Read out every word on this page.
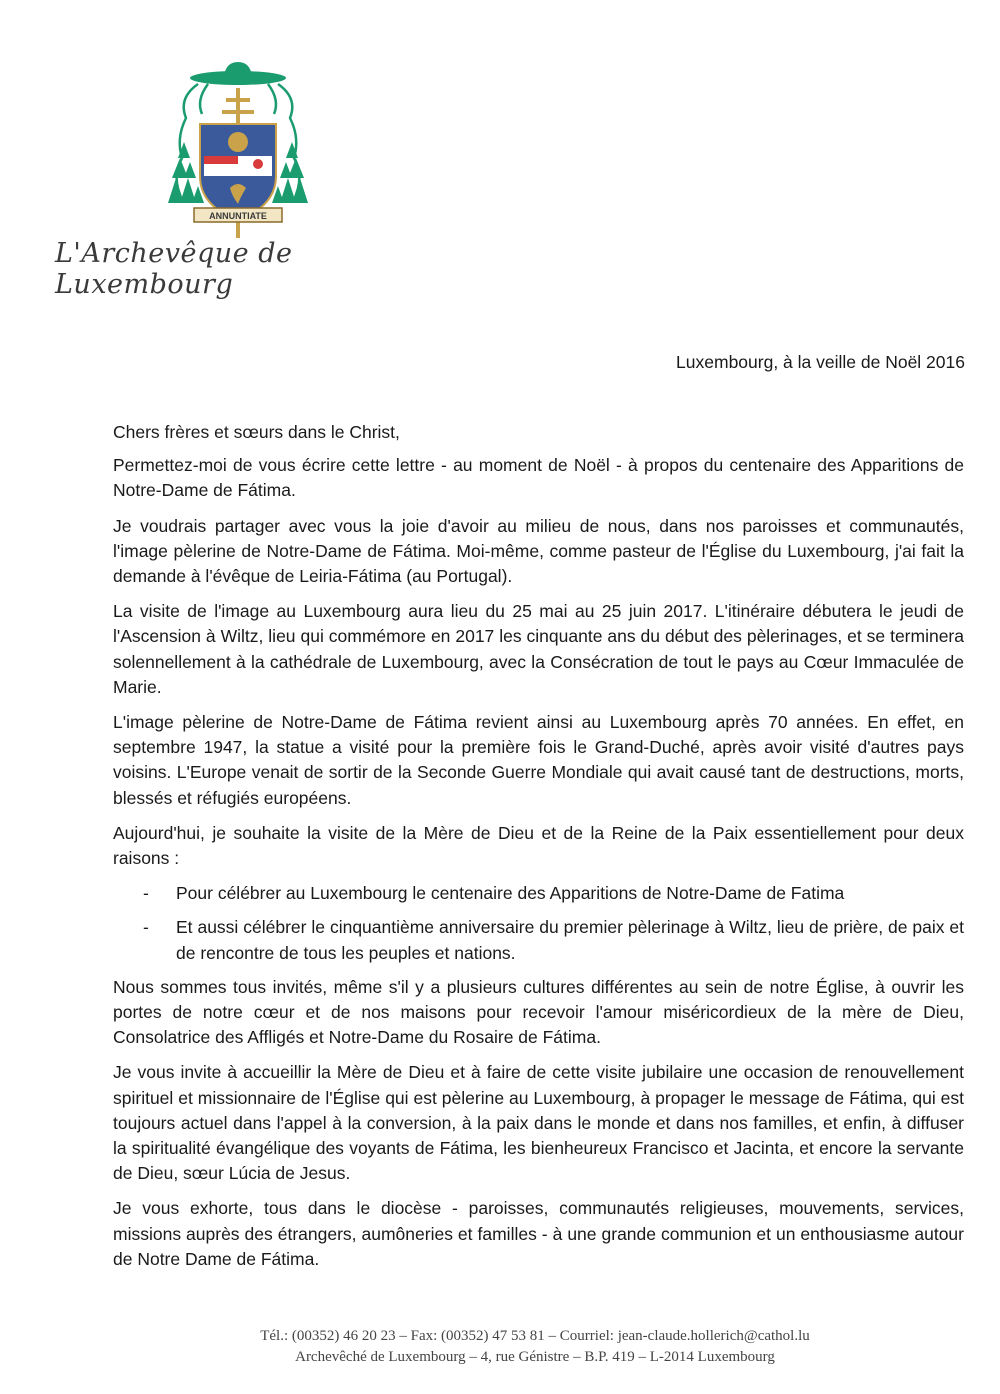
ANNUNTIATE
L'Archevêque de Luxembourg
Luxembourg, à la veille de Noël 2016

Chers frères et sœurs dans le Christ,

Permettez-moi de vous écrire cette lettre - au moment de Noël - à propos du centenaire des Apparitions de Notre-Dame de Fátima.

Je voudrais partager avec vous la joie d'avoir au milieu de nous, dans nos paroisses et communautés, l'image pèlerine de Notre-Dame de Fátima. Moi-même, comme pasteur de l'Église du Luxembourg, j'ai fait la demande à l'évêque de Leiria-Fátima (au Portugal).

La visite de l'image au Luxembourg aura lieu du 25 mai au 25 juin 2017. L'itinéraire débutera le jeudi de l'Ascension à Wiltz, lieu qui commémore en 2017 les cinquante ans du début des pèlerinages, et se terminera solennellement à la cathédrale de Luxembourg, avec la Consécration de tout le pays au Cœur Immaculée de Marie.

L'image pèlerine de Notre-Dame de Fátima revient ainsi au Luxembourg après 70 années. En effet, en septembre 1947, la statue a visité pour la première fois le Grand-Duché, après avoir visité d'autres pays voisins. L'Europe venait de sortir de la Seconde Guerre Mondiale qui avait causé tant de destructions, morts, blessés et réfugiés européens.

Aujourd'hui, je souhaite la visite de la Mère de Dieu et de la Reine de la Paix essentiellement pour deux raisons :

- Pour célébrer au Luxembourg le centenaire des Apparitions de Notre-Dame de Fatima
- Et aussi célébrer le cinquantième anniversaire du premier pèlerinage à Wiltz, lieu de prière, de paix et de rencontre de tous les peuples et nations.

Nous sommes tous invités, même s'il y a plusieurs cultures différentes au sein de notre Église, à ouvrir les portes de notre cœur et de nos maisons pour recevoir l'amour miséricordieux de la mère de Dieu, Consolatrice des Affligés et Notre-Dame du Rosaire de Fátima.

Je vous invite à accueillir la Mère de Dieu et à faire de cette visite jubilaire une occasion de renouvellement spirituel et missionnaire de l'Église qui est pèlerine au Luxembourg, à propager le message de Fátima, qui est toujours actuel dans l'appel à la conversion, à la paix dans le monde et dans nos familles, et enfin, à diffuser la spiritualité évangélique des voyants de Fátima, les bienheureux Francisco et Jacinta, et encore la servante de Dieu, sœur Lúcia de Jesus.

Je vous exhorte, tous dans le diocèse - paroisses, communautés religieuses, mouvements, services, missions auprès des étrangers, aumôneries et familles - à une grande communion et un enthousiasme autour de Notre Dame de Fátima.

Tél.: (00352) 46 20 23 – Fax: (00352) 47 53 81 – Courriel: jean-claude.hollerich@cathol.lu
Archevêché de Luxembourg – 4, rue Génistre – B.P. 419 – L-2014 Luxembourg
